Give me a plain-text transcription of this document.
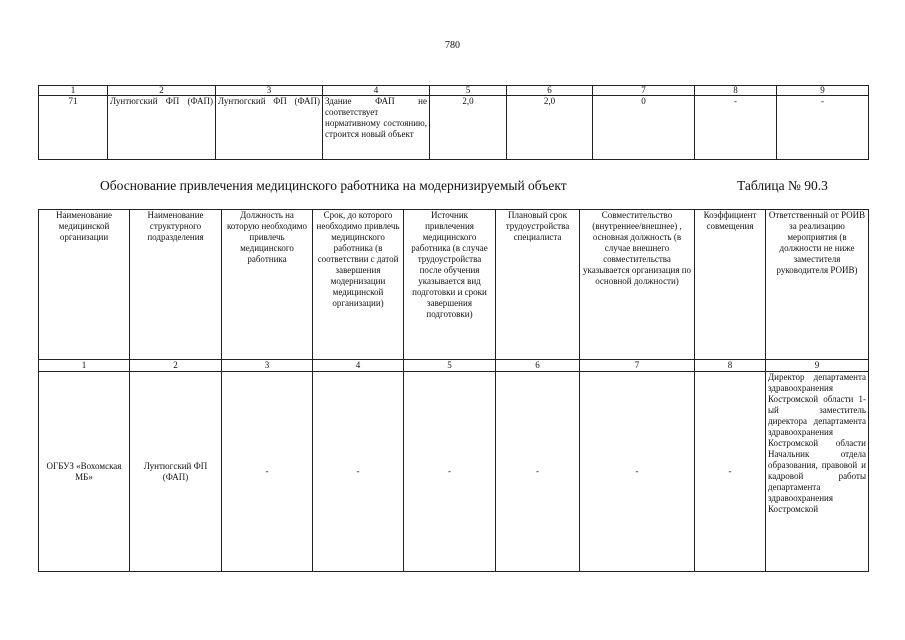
780
1	2	3	4	5	6	7	8	9
71	Лунтюгский ФП (ФАП)	Лунтюгский ФП (ФАП)	Здание ФАП не соответствует нормативному состоянию, строится новый объект	2,0	2,0	0	-	-
Обоснование привлечения медицинского работника на модернизируемый объект	Таблица № 90.3
Наименование медицинской организации	Наименование структурного подразделения	Должность на которую необходимо привлечь медицинского работника	Срок, до которого необходимо привлечь медицинского работника (в соответствии с датой завершения модернизации медицинской организации)	Источник привлечения медицинского работника (в случае трудоустройства после обучения указывается вид подготовки и сроки завершения подготовки)	Плановый срок трудоустройства специалиста	Совместительство (внутреннее/внешнее) , основная должность (в случае внешнего совместительства указывается организация по основной должности)	Коэффициент совмещения	Ответственный от РОИВ за реализацию мероприятия (в должности не ниже заместителя руководителя РОИВ)
1	2	3	4	5	6	7	8	9
ОГБУЗ «Вохомская МБ»	Лунтюгский ФП (ФАП)	-	-	-	-	-	-	Директор департамента здравоохранения Костромской области 1-ый заместитель директора департамента здравоохранения Костромской области Начальник отдела образования, правовой и кадровой работы департамента здравоохранения Костромской
